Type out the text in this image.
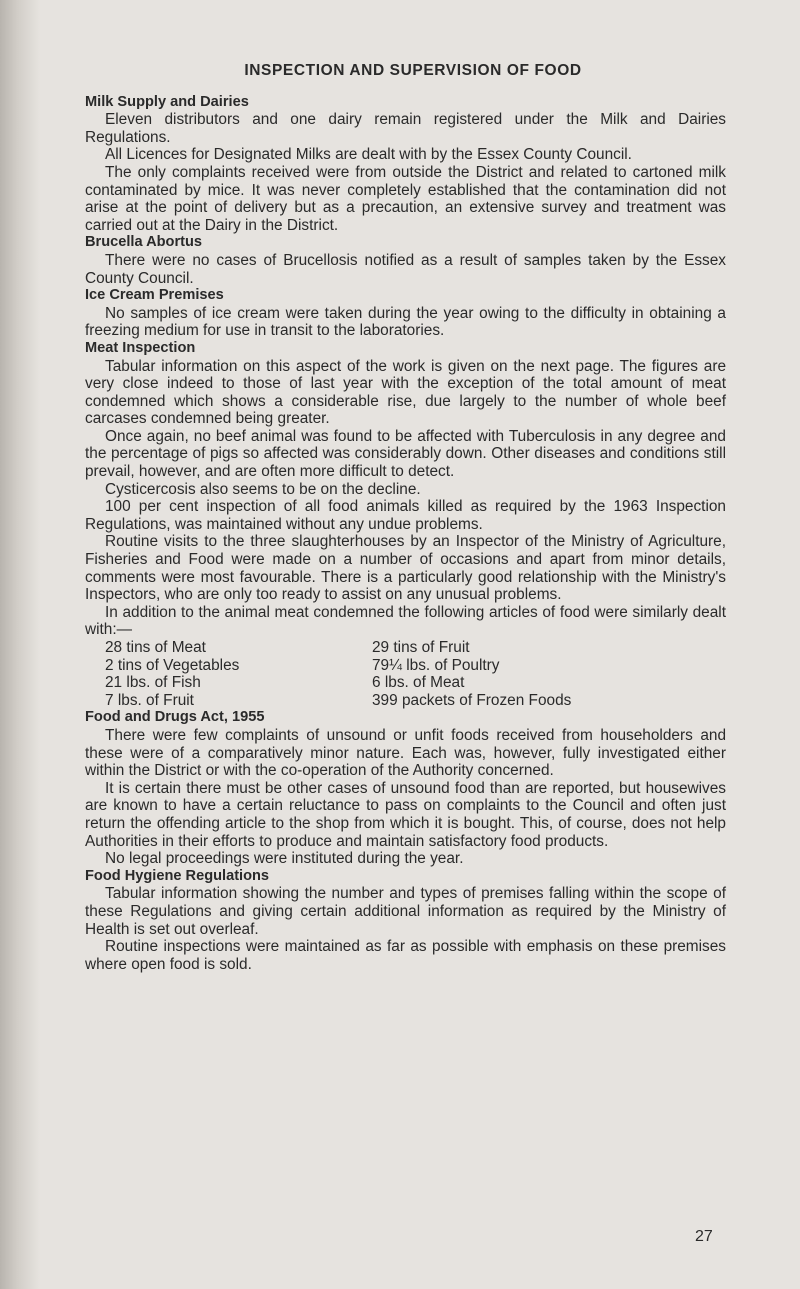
INSPECTION AND SUPERVISION OF FOOD
Milk Supply and Dairies

Eleven distributors and one dairy remain registered under the Milk and Dairies Regulations.

All Licences for Designated Milks are dealt with by the Essex County Council.

The only complaints received were from outside the District and related to cartoned milk contaminated by mice. It was never completely established that the contamination did not arise at the point of delivery but as a precaution, an extensive survey and treatment was carried out at the Dairy in the District.

Brucella Abortus

There were no cases of Brucellosis notified as a result of samples taken by the Essex County Council.

Ice Cream Premises

No samples of ice cream were taken during the year owing to the difficulty in obtaining a freezing medium for use in transit to the laboratories.

Meat Inspection

Tabular information on this aspect of the work is given on the next page. The figures are very close indeed to those of last year with the exception of the total amount of meat condemned which shows a considerable rise, due largely to the number of whole beef carcases condemned being greater.

Once again, no beef animal was found to be affected with Tuberculosis in any degree and the percentage of pigs so affected was considerably down. Other diseases and conditions still prevail, however, and are often more difficult to detect.

Cysticercosis also seems to be on the decline.

100 per cent inspection of all food animals killed as required by the 1963 Inspection Regulations, was maintained without any undue problems.

Routine visits to the three slaughterhouses by an Inspector of the Ministry of Agriculture, Fisheries and Food were made on a number of occasions and apart from minor details, comments were most favourable. There is a particularly good relationship with the Ministry's Inspectors, who are only too ready to assist on any unusual problems.

In addition to the animal meat condemned the following articles of food were similarly dealt with:—

28 tins of Meat	29 tins of Fruit
2 tins of Vegetables	79¼ lbs. of Poultry
21 lbs. of Fish	6 lbs. of Meat
7 lbs. of Fruit	399 packets of Frozen Foods
Food and Drugs Act, 1955

There were few complaints of unsound or unfit foods received from householders and these were of a comparatively minor nature. Each was, however, fully investigated either within the District or with the co-operation of the Authority concerned.

It is certain there must be other cases of unsound food than are reported, but housewives are known to have a certain reluctance to pass on complaints to the Council and often just return the offending article to the shop from which it is bought. This, of course, does not help Authorities in their efforts to produce and maintain satisfactory food products.

No legal proceedings were instituted during the year.

Food Hygiene Regulations

Tabular information showing the number and types of premises falling within the scope of these Regulations and giving certain additional information as required by the Ministry of Health is set out overleaf.

Routine inspections were maintained as far as possible with emphasis on these premises where open food is sold.

27
